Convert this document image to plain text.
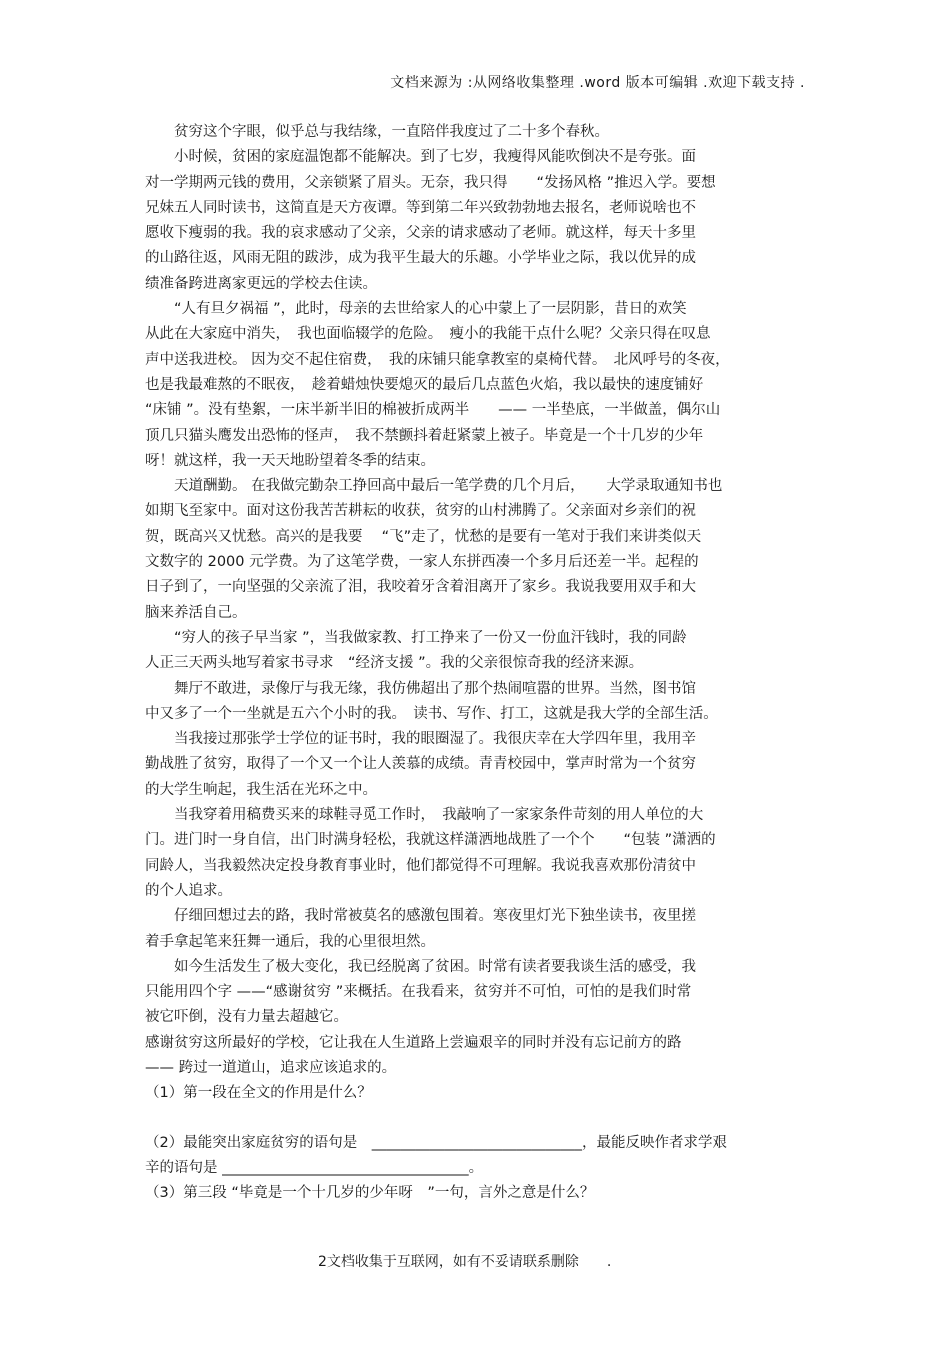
文档来源为 :从网络收集整理 .word 版本可编辑 .欢迎下载支持 .
　　贫穷这个字眼，似乎总与我结缘，一直陪伴我度过了二十多个春秋。
　　小时候，贫困的家庭温饱都不能解决。到了七岁，我瘦得风能吹倒决不是夸张。面
对一学期两元钱的费用，父亲锁紧了眉头。无奈，我只得　　“发扬风格 ”推迟入学。要想
兄妹五人同时读书，这简直是天方夜谭。等到第二年兴致勃勃地去报名，老师说啥也不
愿收下瘦弱的我。我的哀求感动了父亲，父亲的请求感动了老师。就这样，每天十多里
的山路往返，风雨无阻的跋涉，成为我平生最大的乐趣。小学毕业之际，我以优异的成
绩准备跨进离家更远的学校去住读。
　　“人有旦夕祸福 ”，此时，母亲的去世给家人的心中蒙上了一层阴影，昔日的欢笑
从此在大家庭中消失，　我也面临辍学的危险。　瘦小的我能干点什么呢？父亲只得在叹息
声中送我进校。 因为交不起住宿费，　我的床铺只能拿教室的桌椅代替。　北风呼号的冬夜，
也是我最难熬的不眠夜，　趁着蜡烛快要熄灭的最后几点蓝色火焰，我以最快的速度铺好
“床铺 ”。没有垫絮，一床半新半旧的棉被折成两半　　—— 一半垫底，一半做盖，偶尔山
顶几只猫头鹰发出恐怖的怪声，　我不禁颤抖着赶紧蒙上被子。毕竟是一个十几岁的少年
呀！就这样，我一天天地盼望着冬季的结束。
　　天道酬勤。 在我做完勤杂工挣回高中最后一笔学费的几个月后，　　大学录取通知书也
如期飞至家中。面对这份我苦苦耕耘的收获，贫穷的山村沸腾了。父亲面对乡亲们的祝
贺，既高兴又忧愁。高兴的是我要　 “飞”走了，忧愁的是要有一笔对于我们来讲类似天
文数字的 2000 元学费。为了这笔学费，一家人东拼西凑一个多月后还差一半。起程的
日子到了，一向坚强的父亲流了泪，我咬着牙含着泪离开了家乡。我说我要用双手和大
脑来养活自己。
　　“穷人的孩子早当家 ”，当我做家教、打工挣来了一份又一份血汗钱时，我的同龄
人正三天两头地写着家书寻求　“经济支援 ”。我的父亲很惊奇我的经济来源。
　　舞厅不敢进，录像厅与我无缘，我仿佛超出了那个热闹喧嚣的世界。当然，图书馆
中又多了一个一坐就是五六个小时的我。　读书、写作、打工，这就是我大学的全部生活。
　　当我接过那张学士学位的证书时，我的眼圈湿了。我很庆幸在大学四年里，我用辛
勤战胜了贫穷，取得了一个又一个让人羡慕的成绩。青青校园中，掌声时常为一个贫穷
的大学生响起，我生活在光环之中。
　　当我穿着用稿费买来的球鞋寻觅工作时，　我敲响了一家家条件苛刻的用人单位的大
门。进门时一身自信，出门时满身轻松，我就这样潇洒地战胜了一个个　　“包装 ”潇洒的
同龄人，当我毅然决定投身教育事业时，他们都觉得不可理解。我说我喜欢那份清贫中
的个人追求。
　　仔细回想过去的路，我时常被莫名的感激包围着。寒夜里灯光下独坐读书，夜里搓
着手拿起笔来狂舞一通后，我的心里很坦然。
　　如今生活发生了极大变化，我已经脱离了贫困。时常有读者要我谈生活的感受，我
只能用四个字 ——“感谢贫穷 ”来概括。在我看来，贫穷并不可怕，可怕的是我们时常
被它吓倒，没有力量去超越它。
感谢贫穷这所最好的学校，它让我在人生道路上尝遍艰辛的同时并没有忘记前方的路
—— 跨过一道道山，追求应该追求的。
（1）第一段在全文的作用是什么？
（2）最能突出家庭贫穷的语句是　_____________________________，最能反映作者求学艰
辛的语句是 __________________________________。
（3）第三段 “毕竟是一个十几岁的少年呀　”一句，言外之意是什么？
2文档收集于互联网，如有不妥请联系删除　　.
